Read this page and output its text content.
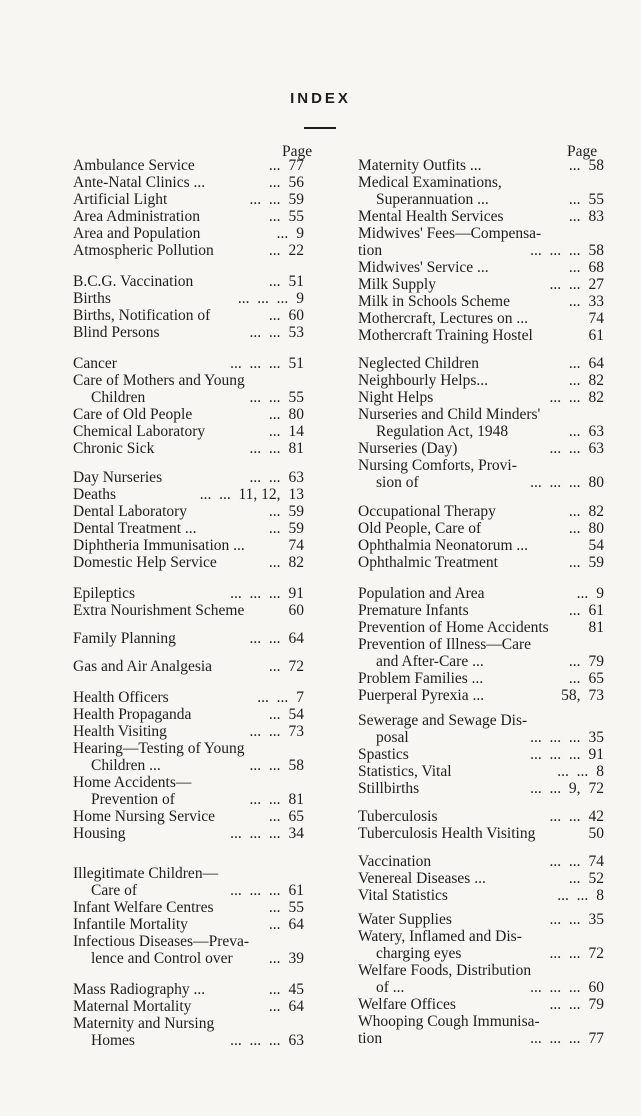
INDEX
Page	Page
Ambulance Service	... 77
Ante-Natal Clinics ...	... 56
Artificial Light	...  ... 59
Area Administration	... 55
Area and Population	... 9
Atmospheric Pollution	... 22
B.C.G. Vaccination	... 51
Births	...  ...  ... 9
Births, Notification of	... 60
Blind Persons	...  ... 53
Cancer	...  ...  ... 51
Care of Mothers and Young
Children	...  ... 55
Care of Old People	... 80
Chemical Laboratory	... 14
Chronic Sick	...  ... 81
Day Nurseries	...  ... 63
Deaths	...  ...  11, 12, 13
Dental Laboratory	... 59
Dental Treatment ...	... 59
Diphtheria Immunisation ...	74
Domestic Help Service	... 82
Epileptics	...  ...  ... 91
Extra Nourishment Scheme	60
Family Planning	...  ... 64
Gas and Air Analgesia	... 72
Health Officers	...  ... 7
Health Propaganda	... 54
Health Visiting	...  ... 73
Hearing—Testing of Young
Children ...	...  ... 58
Home Accidents—
Prevention of	...  ... 81
Home Nursing Service	... 65
Housing	...  ...  ... 34
Illegitimate Children—
Care of	...  ...  ... 61
Infant Welfare Centres	... 55
Infantile Mortality	... 64
Infectious Diseases—Preva-
lence and Control over ... 39
Mass Radiography ...	... 45
Maternal Mortality	... 64
Maternity and Nursing
Homes	...  ...  ... 63
Maternity Outfits ...	... 58
Medical Examinations,
Superannuation ...	... 55
Mental Health Services	... 83
Midwives' Fees—Compensa-
tion	...  ...  ... 58
Midwives' Service ...	... 68
Milk Supply	...  ... 27
Milk in Schools Scheme	... 33
Mothercraft, Lectures on ...	74
Mothercraft Training Hostel	61
Neglected Children	... 64
Neighbourly Helps...	... 82
Night Helps	...  ... 82
Nurseries and Child Minders'
Regulation Act, 1948	... 63
Nurseries (Day)	...  ... 63
Nursing Comforts, Provi-
sion of	...  ...  ... 80
Occupational Therapy	... 82
Old People, Care of	... 80
Ophthalmia Neonatorum ...	54
Ophthalmic Treatment	... 59
Population and Area	... 9
Premature Infants	... 61
Prevention of Home Accidents	81
Prevention of Illness—Care
and After-Care ...	... 79
Problem Families ...	... 65
Puerperal Pyrexia ...	58, 73
Sewerage and Sewage Dis-
posal	...  ...  ... 35
Spastics	...  ...  ... 91
Statistics, Vital	...  ... 8
Stillbirths	...  ...  9, 72
Tuberculosis	...  ... 42
Tuberculosis Health Visiting	50
Vaccination	...  ... 74
Venereal Diseases ...	... 52
Vital Statistics	...  ... 8
Water Supplies	...  ... 35
Watery, Inflamed and Dis-
charging eyes	...  ... 72
Welfare Foods, Distribution
of ...	...  ...  ... 60
Welfare Offices	...  ... 79
Whooping Cough Immunisa-
tion	...  ...  ... 77
